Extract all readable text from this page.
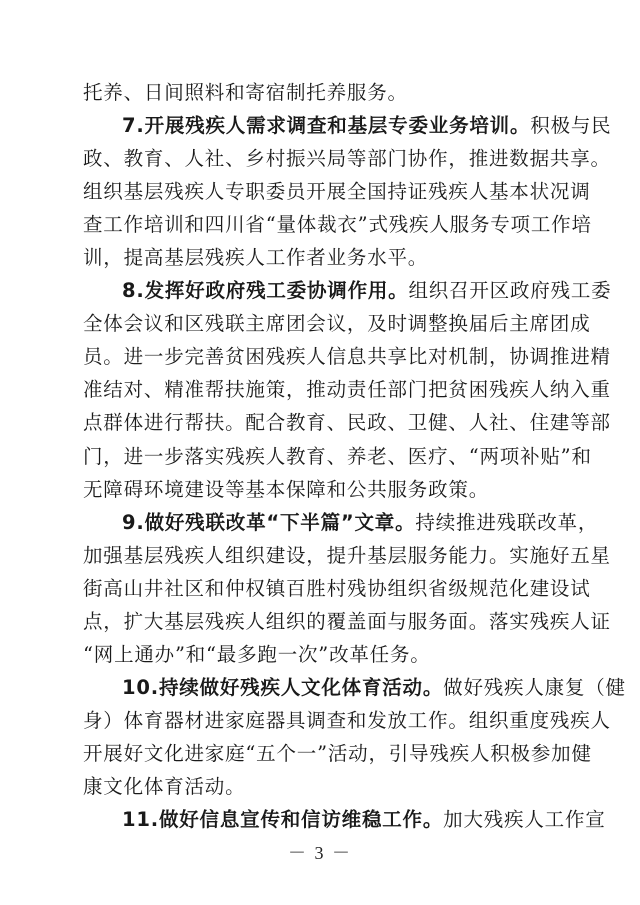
托养、日间照料和寄宿制托养服务。
7.开展残疾人需求调查和基层专委业务培训。积极与民
政、教育、人社、乡村振兴局等部门协作，推进数据共享。
组织基层残疾人专职委员开展全国持证残疾人基本状况调
查工作培训和四川省“量体裁衣”式残疾人服务专项工作培
训，提高基层残疾人工作者业务水平。
8.发挥好政府残工委协调作用。组织召开区政府残工委
全体会议和区残联主席团会议，及时调整换届后主席团成
员。进一步完善贫困残疾人信息共享比对机制，协调推进精
准结对、精准帮扶施策，推动责任部门把贫困残疾人纳入重
点群体进行帮扶。配合教育、民政、卫健、人社、住建等部
门，进一步落实残疾人教育、养老、医疗、“两项补贴”和
无障碍环境建设等基本保障和公共服务政策。
9.做好残联改革“下半篇”文章。持续推进残联改革，
加强基层残疾人组织建设，提升基层服务能力。实施好五星
街高山井社区和仲权镇百胜村残协组织省级规范化建设试
点，扩大基层残疾人组织的覆盖面与服务面。落实残疾人证
“网上通办”和“最多跑一次”改革任务。
10.持续做好残疾人文化体育活动。做好残疾人康复（健
身）体育器材进家庭器具调查和发放工作。组织重度残疾人
开展好文化进家庭“五个一”活动，引导残疾人积极参加健
康文化体育活动。
11.做好信息宣传和信访维稳工作。加大残疾人工作宣
－ 3 －
